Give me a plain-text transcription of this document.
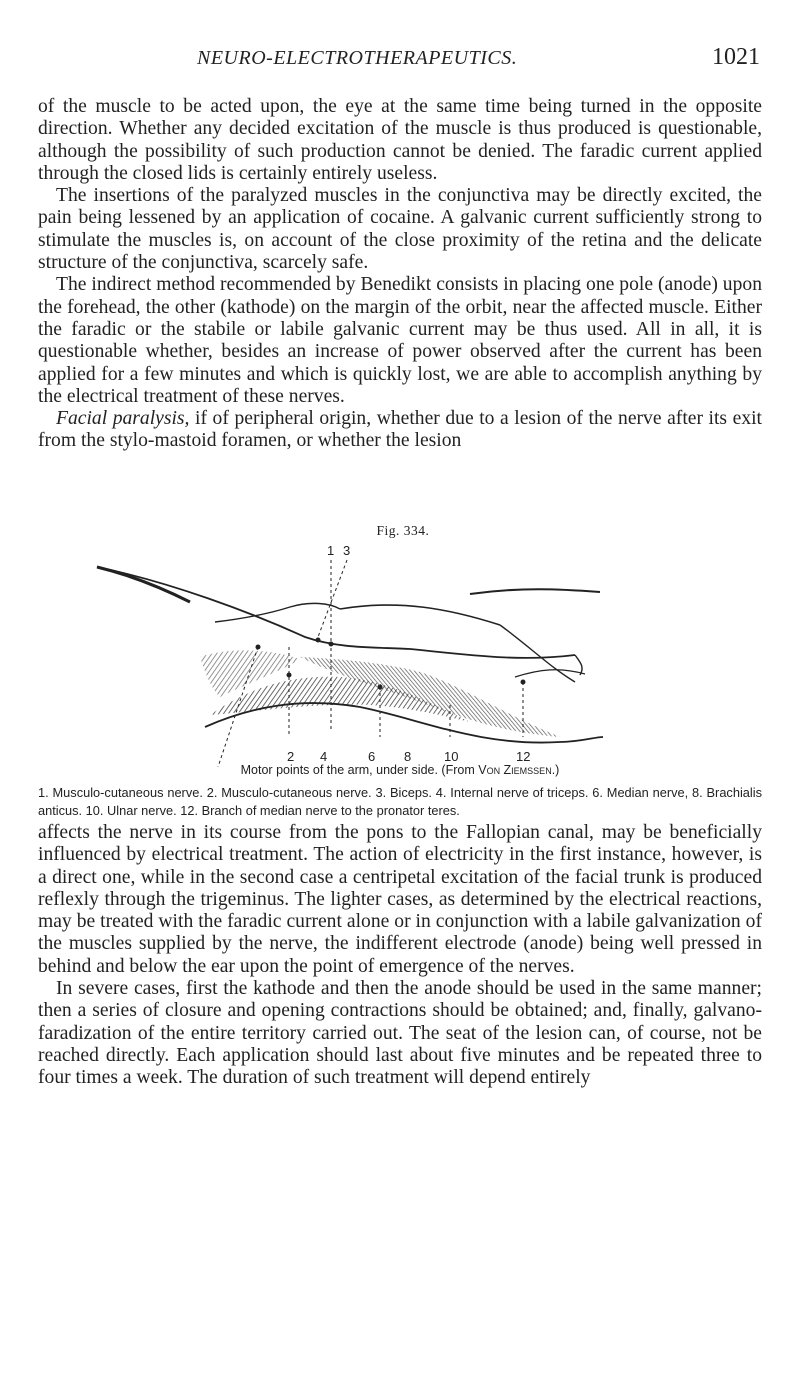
NEURO-ELECTROTHERAPEUTICS.	1021

of the muscle to be acted upon, the eye at the same time being turned in the opposite direction. Whether any decided excitation of the muscle is thus produced is questionable, although the possibility of such production cannot be denied. The faradic current applied through the closed lids is certainly entirely useless.

The insertions of the paralyzed muscles in the conjunctiva may be directly excited, the pain being lessened by an application of cocaine. A galvanic current sufficiently strong to stimulate the muscles is, on account of the close proximity of the retina and the delicate structure of the conjunctiva, scarcely safe.

The indirect method recommended by Benedikt consists in placing one pole (anode) upon the forehead, the other (kathode) on the margin of the orbit, near the affected muscle. Either the faradic or the stabile or labile galvanic current may be thus used. All in all, it is questionable whether, besides an increase of power observed after the current has been applied for a few minutes and which is quickly lost, we are able to accomplish anything by the electrical treatment of these nerves.

Facial paralysis, if of peripheral origin, whether due to a lesion of the nerve after its exit from the stylo-mastoid foramen, or whether the lesion

Fig. 334.
1 3
2 4	6 8	10	12
Motor points of the arm, under side. (From Von Ziemssen.)
1. Musculo-cutaneous nerve. 2. Musculo-cutaneous nerve. 3. Biceps. 4. Internal nerve of triceps. 6. Median nerve, 8. Brachialis anticus. 10. Ulnar nerve. 12. Branch of median nerve to the pronator teres.

affects the nerve in its course from the pons to the Fallopian canal, may be beneficially influenced by electrical treatment. The action of electricity in the first instance, however, is a direct one, while in the second case a centripetal excitation of the facial trunk is produced reflexly through the trigeminus. The lighter cases, as determined by the electrical reactions, may be treated with the faradic current alone or in conjunction with a labile galvanization of the muscles supplied by the nerve, the indifferent electrode (anode) being well pressed in behind and below the ear upon the point of emergence of the nerves.

In severe cases, first the kathode and then the anode should be used in the same manner; then a series of closure and opening contractions should be obtained; and, finally, galvano-faradization of the entire territory carried out. The seat of the lesion can, of course, not be reached directly. Each application should last about five minutes and be repeated three to four times a week. The duration of such treatment will depend entirely
